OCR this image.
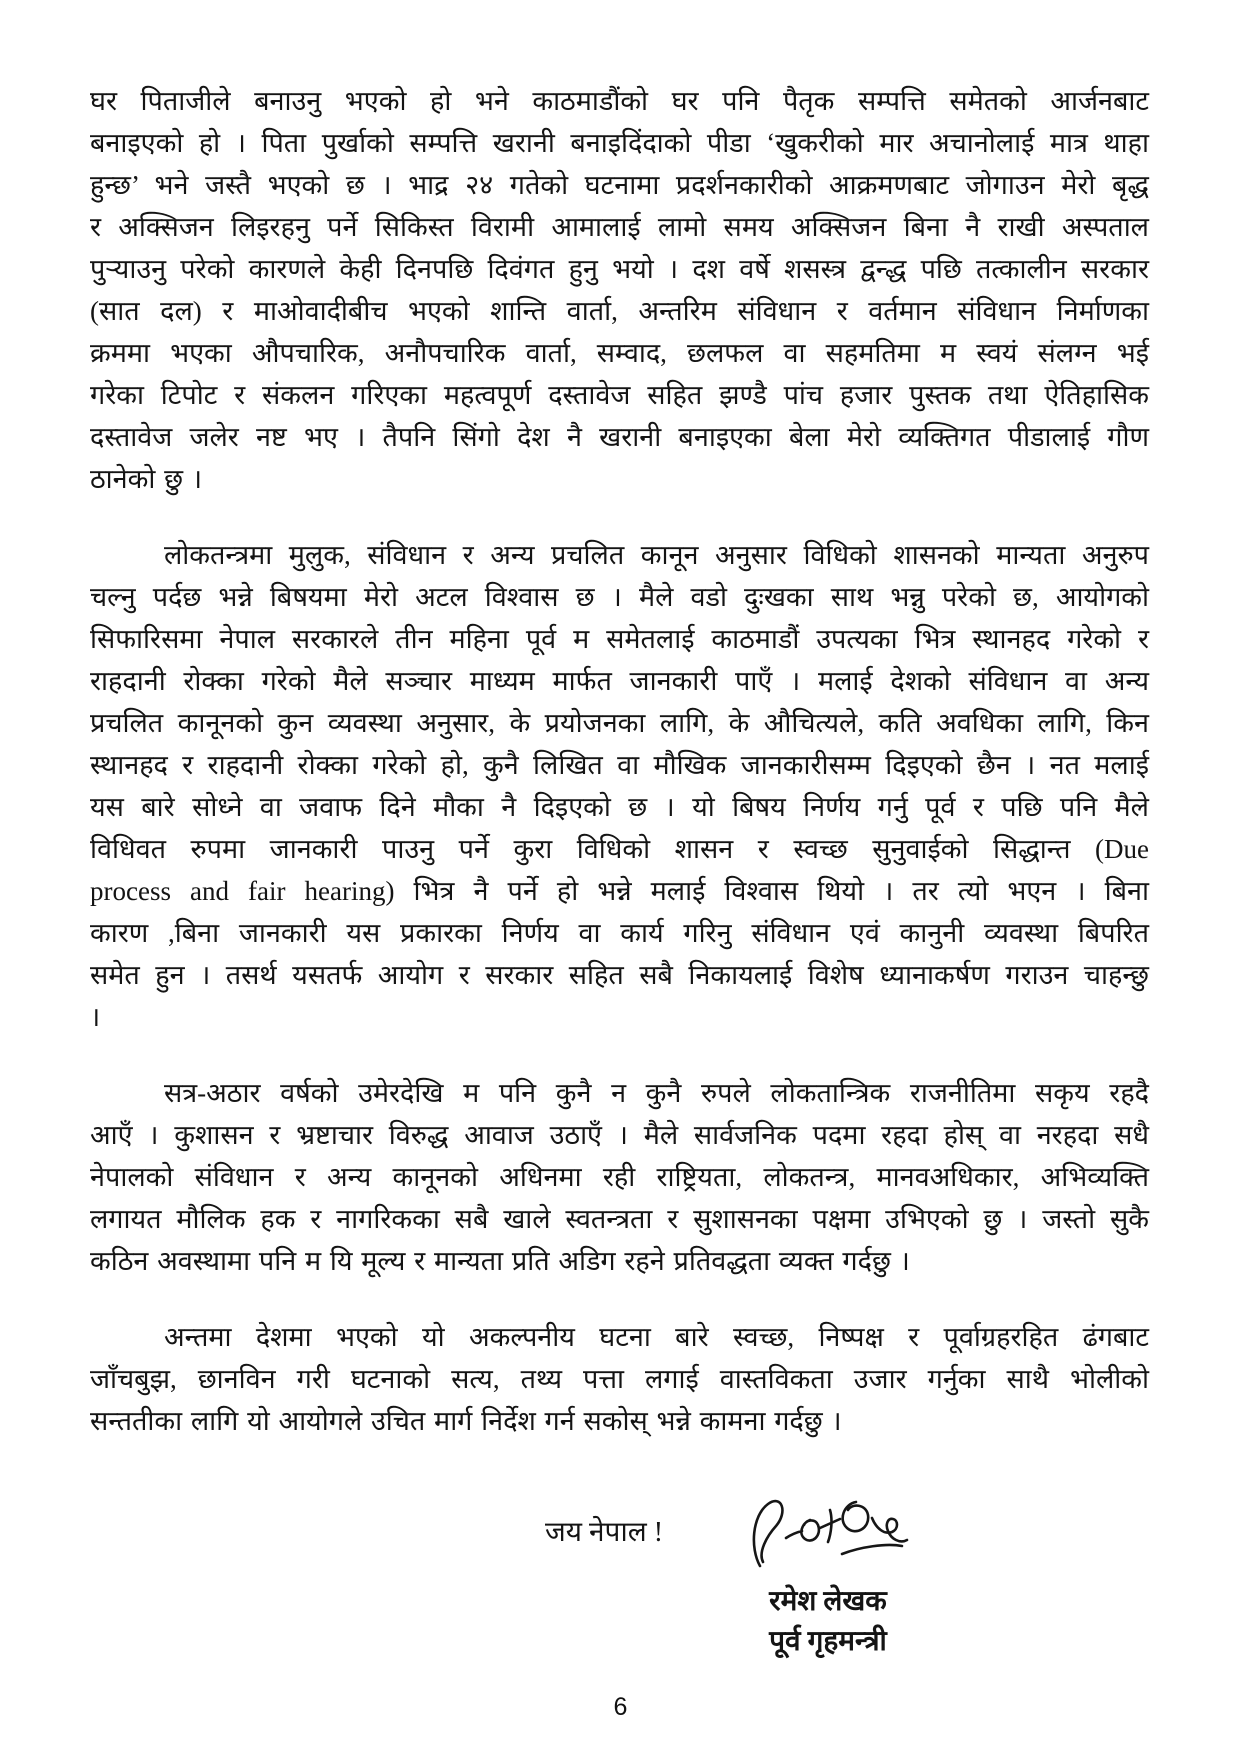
घर पिताजीले बनाउनु भएको हो भने काठमाडौंको घर पनि पैतृक सम्पत्ति समेतको आर्जनबाट
बनाइएको हो । पिता पुर्खाको सम्पत्ति खरानी बनाइदिंदाको पीडा ‘खुकरीको मार अचानोलाई मात्र थाहा
हुन्छ’ भने जस्तै भएको छ । भाद्र २४ गतेको घटनामा प्रदर्शनकारीको आक्रमणबाट जोगाउन मेरो बृद्ध
र अक्सिजन लिइरहनु पर्ने सिकिस्त विरामी आमालाई लामो समय अक्सिजन बिना नै राखी अस्पताल
पुऱ्याउनु परेको कारणले केही दिनपछि दिवंगत हुनु भयो । दश वर्षे शसस्त्र द्वन्द्ध पछि तत्कालीन सरकार
(सात दल) र माओवादीबीच भएको शान्ति वार्ता, अन्तरिम संविधान र वर्तमान संविधान निर्माणका
क्रममा भएका औपचारिक, अनौपचारिक वार्ता, सम्वाद, छलफल वा सहमतिमा म स्वयं संलग्न भई
गरेका टिपोट र संकलन गरिएका महत्वपूर्ण दस्तावेज सहित झण्डै पांच हजार पुस्तक तथा ऐतिहासिक
दस्तावेज जलेर नष्ट भए । तैपनि सिंगो देश नै खरानी बनाइएका बेला मेरो व्यक्तिगत पीडालाई गौण
ठानेको छु ।
लोकतन्त्रमा मुलुक, संविधान र अन्य प्रचलित कानून अनुसार विधिको शासनको मान्यता अनुरुप
चल्नु पर्दछ भन्ने बिषयमा मेरो अटल विश्वास छ । मैले वडो दुःखका साथ भन्नु परेको छ, आयोगको
सिफारिसमा नेपाल सरकारले तीन महिना पूर्व म समेतलाई काठमाडौं उपत्यका भित्र स्थानहद गरेको र
राहदानी रोक्का गरेको मैले सञ्चार माध्यम मार्फत जानकारी पाएँ । मलाई देशको संविधान वा अन्य
प्रचलित कानूनको कुन व्यवस्था अनुसार, के प्रयोजनका लागि, के औचित्यले, कति अवधिका लागि, किन
स्थानहद र राहदानी रोक्का गरेको हो, कुनै लिखित वा मौखिक जानकारीसम्म दिइएको छैन । नत मलाई
यस बारे सोध्ने वा जवाफ दिने मौका नै दिइएको छ । यो बिषय निर्णय गर्नु पूर्व र पछि पनि मैले
विधिवत रुपमा जानकारी पाउनु पर्ने कुरा विधिको शासन र स्वच्छ सुनुवाईको सिद्धान्त (Due
process and fair hearing) भित्र नै पर्ने हो भन्ने मलाई विश्वास थियो । तर त्यो भएन । बिना
कारण ,बिना जानकारी यस प्रकारका निर्णय वा कार्य गरिनु संविधान एवं कानुनी व्यवस्था बिपरित
समेत हुन । तसर्थ यसतर्फ आयोग र सरकार सहित सबै निकायलाई विशेष ध्यानाकर्षण गराउन चाहन्छु
।
सत्र-अठार वर्षको उमेरदेखि म पनि कुनै न कुनै रुपले लोकतान्त्रिक राजनीतिमा सकृय रहदै
आएँ । कुशासन र भ्रष्टाचार विरुद्ध आवाज उठाएँ । मैले सार्वजनिक पदमा रहदा होस् वा नरहदा सधै
नेपालको संविधान र अन्य कानूनको अधिनमा रही राष्ट्रियता, लोकतन्त्र, मानवअधिकार, अभिव्यक्ति
लगायत मौलिक हक र नागरिकका सबै खाले स्वतन्त्रता र सुशासनका पक्षमा उभिएको छु । जस्तो सुकै
कठिन अवस्थामा पनि म यि मूल्य र मान्यता प्रति अडिग रहने प्रतिवद्धता व्यक्त गर्दछु ।
अन्तमा देशमा भएको यो अकल्पनीय घटना बारे स्वच्छ, निष्पक्ष र पूर्वाग्रहरहित ढंगबाट
जाँचबुझ, छानविन गरी घटनाको सत्य, तथ्य पत्ता लगाई वास्तविकता उजार गर्नुका साथै भोलीको
सन्ततीका लागि यो आयोगले उचित मार्ग निर्देश गर्न सकोस् भन्ने कामना गर्दछु ।
जय नेपाल !
रमेश लेखक
पूर्व गृहमन्त्री
6
